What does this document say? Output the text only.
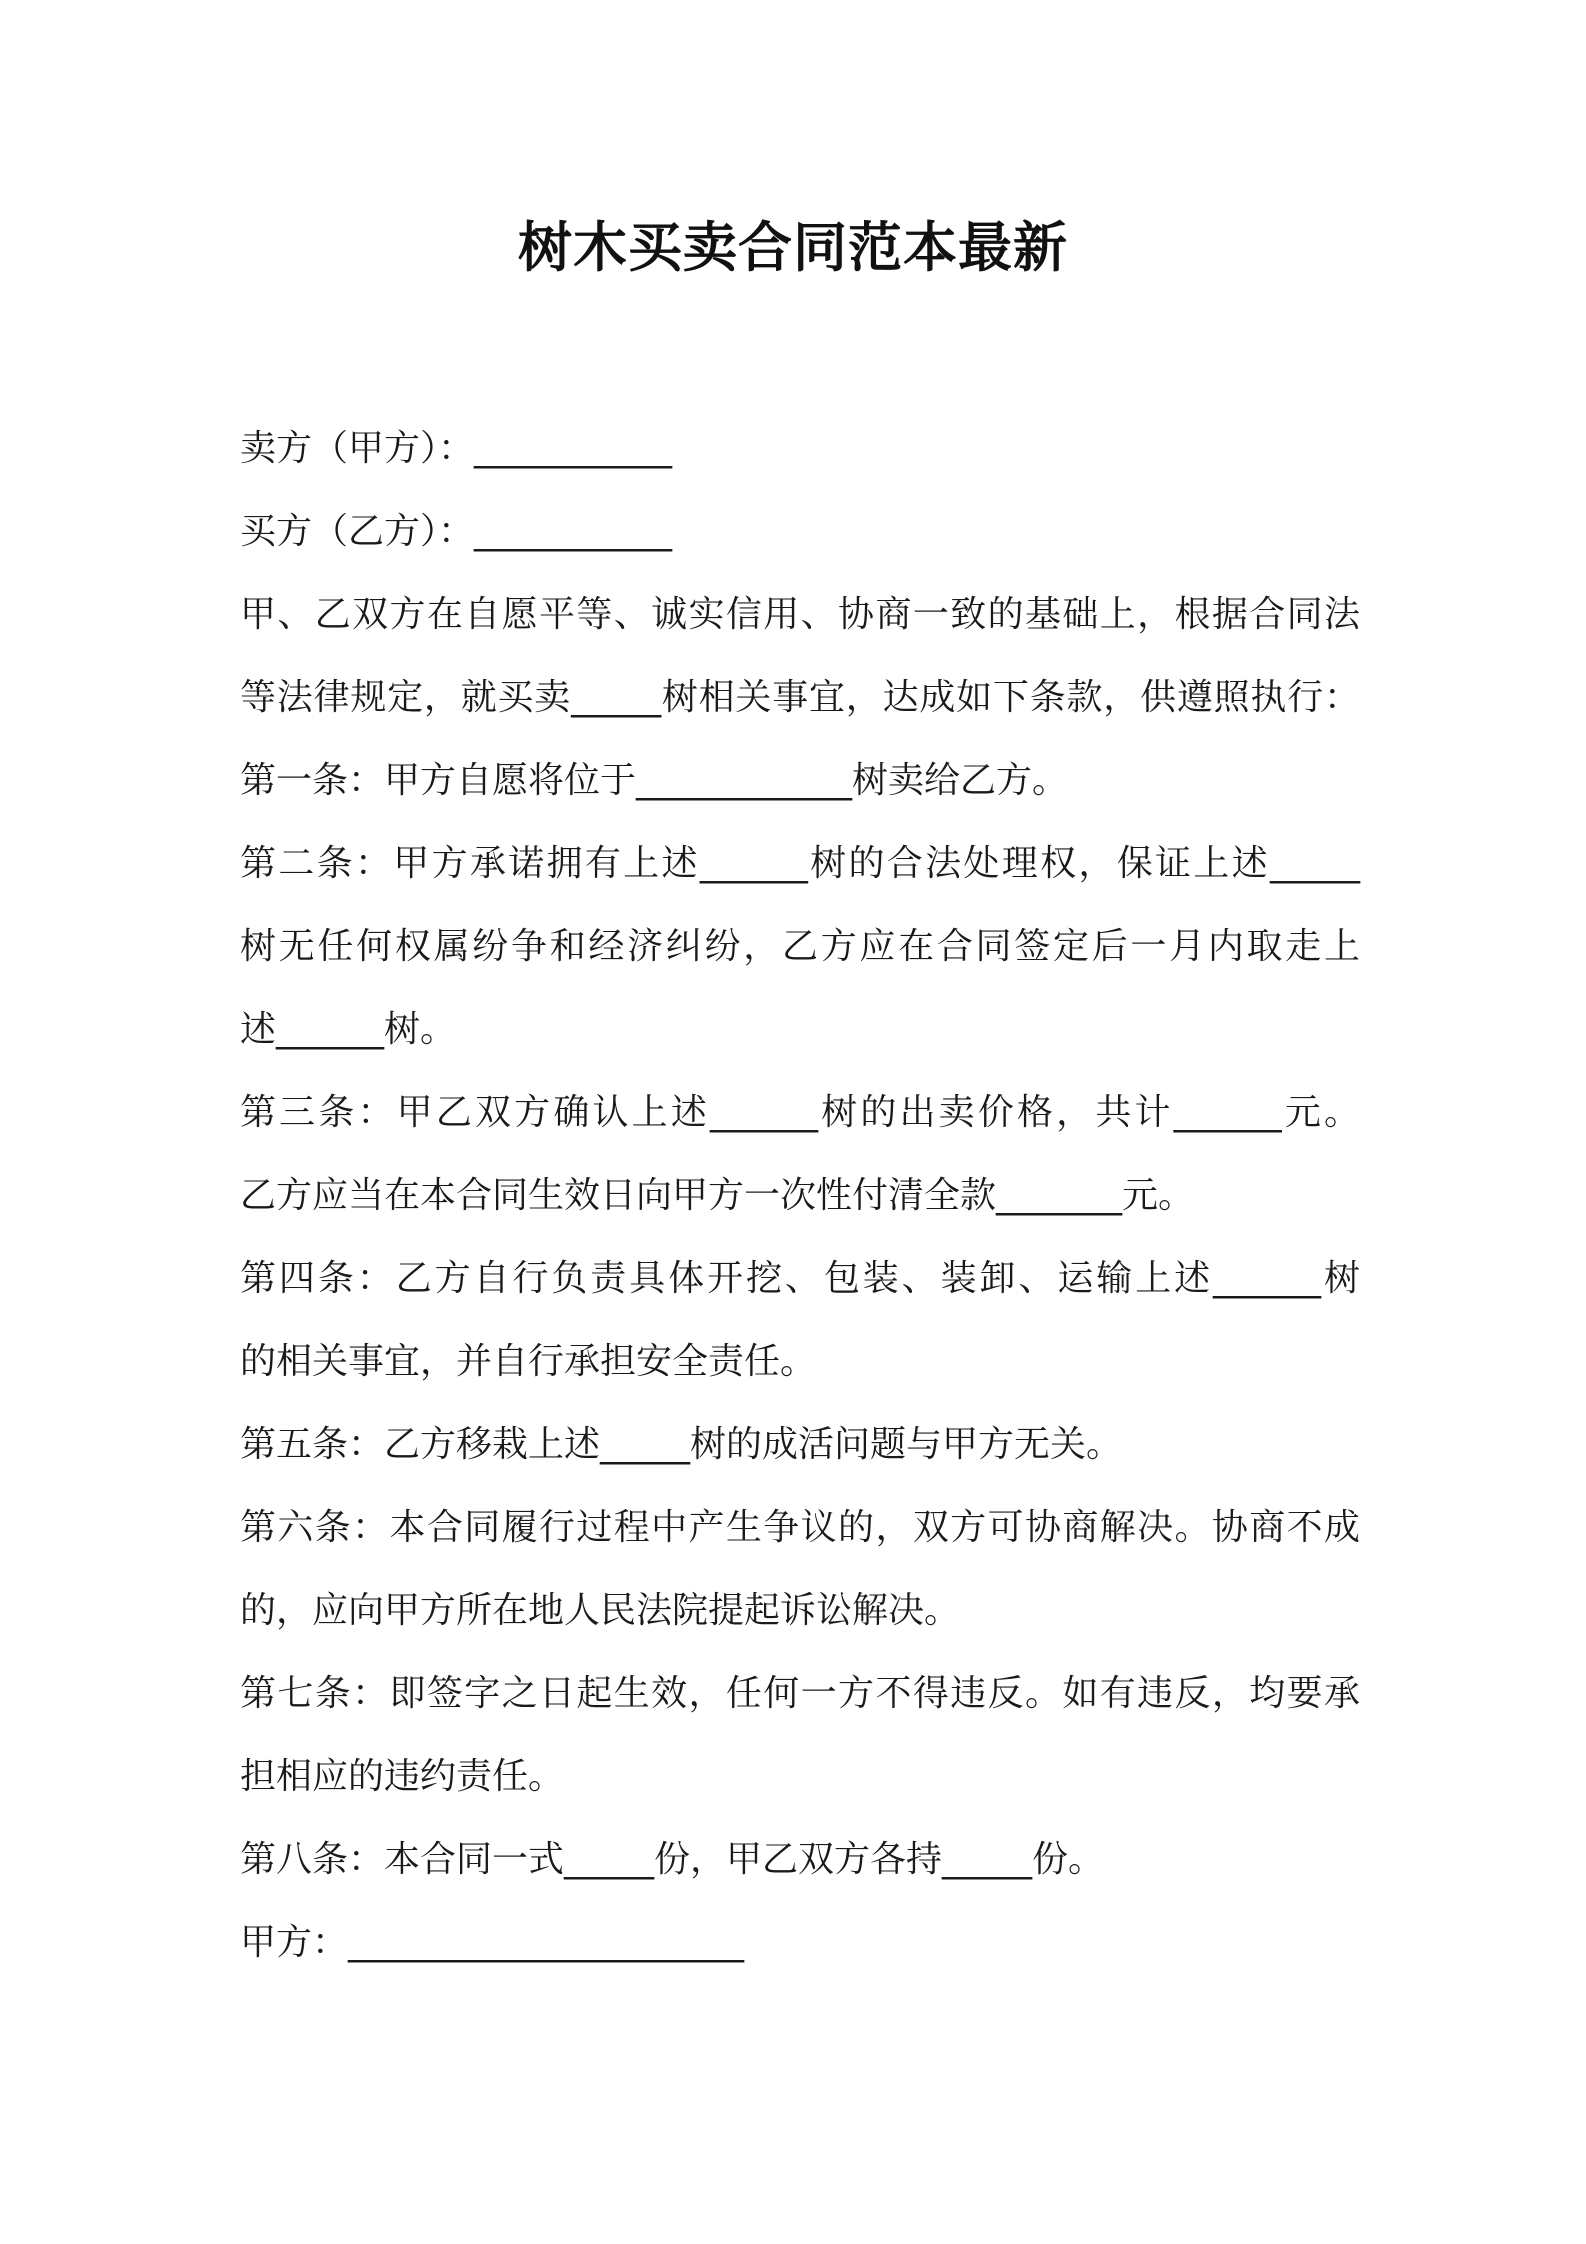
树木买卖合同范本最新
卖方（甲方）：___________
买方（乙方）：___________
甲、乙双方在自愿平等、诚实信用、协商一致的基础上，根据合同法
等法律规定，就买卖_____树相关事宜，达成如下条款，供遵照执行：
第一条：甲方自愿将位于____________树卖给乙方。
第二条：甲方承诺拥有上述______树的合法处理权，保证上述_____
树无任何权属纷争和经济纠纷，乙方应在合同签定后一月内取走上
述______树。
第三条：甲乙双方确认上述______树的出卖价格，共计______元。
乙方应当在本合同生效日向甲方一次性付清全款_______元。
第四条：乙方自行负责具体开挖、包装、装卸、运输上述______树
的相关事宜，并自行承担安全责任。
第五条：乙方移栽上述_____树的成活问题与甲方无关。
第六条：本合同履行过程中产生争议的，双方可协商解决。协商不成
的，应向甲方所在地人民法院提起诉讼解决。
第七条：即签字之日起生效，任何一方不得违反。如有违反，均要承
担相应的违约责任。
第八条：本合同一式_____份，甲乙双方各持_____份。
甲方：______________________
